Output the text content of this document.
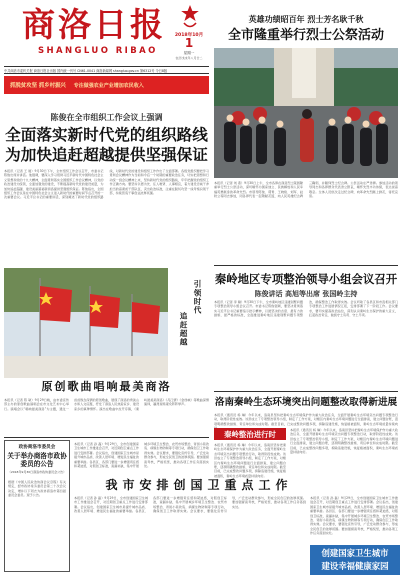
商洛日报
SHANGLUO RIBAO
2018年10月
1
星期一
农历戊戌年八月廿二
中共商洛市委机关报 商洛日报社出版 国内统一刊号 CN61-0041 商洛新闻网 shangluo.gov.cn 第6312号 今日8版
抓脱贫攻坚 抓乡村振兴 专注做强农业产业增加农民收入
陈俊在全市组织工作会议上强调
全面落实新时代党的组织路线
为加快追赶超越提供坚强保证
本报讯（记者 王 晨）9月30日下午，全市组织工作会议召开，市委书记陈俊出席并讲话。他强调，要深入学习贯彻习近平新时代中国特色社会主义思想和党的十九大精神，全面贯彻落实全国组织工作会议精神，以党的政治建设为统领，全面加强党的建设，不断提高新时代党的建设质量，为加快追赶超越、建设美丽富裕新商洛提供坚强组织保证。陈俊指出，全国组织工作会议是在中国特色社会主义进入新时代的重要时间节点召开的一次重要会议。习近平总书记的重要讲话，深刻阐述了新时代党的组织路线，对新时代党的建设和组织工作作出了全面部署。各级党组织要把学习贯彻会议精神作为当前和今后一个时期的重要政治任务，切实把思想和行动统一到会议精神上来，坚持新时代党的组织路线，牢牢把握党的组织工作正确方向。要坚持以德为先、任人唯贤、人事相宜，着力建设忠诚干净担当的高素质干部队伍，突出政治标准，注重在脱贫攻坚一线考察识别干部，持续营造干事创业浓厚氛围。
英雄功绩昭百年 烈士芳名耿千秋
全市隆重举行烈士公祭活动
本报讯（记者 刘 燕）9月30日上午，全市各界在商洛烈士陵园隆重举行烈士公祭活动，深切缅怀为国家独立、民族解放和人民幸福英勇献身的革命先烈。市领导陈俊、郭青、王晓艳、刘军、赵秋立等同志参加，同各界代表一起敬献花篮，向人民英雄纪念碑三鞠躬，并瞻仰烈士纪念碑。公祭活动庄严肃穆。参加活动的领导同志和各界群众代表肃立默哀，缅怀先烈丰功伟绩，表达崇高敬意。全体人员依次走过纪念碑，向革命先烈献上鲜花，寄托哀思。
秦岭地区专项整治领导小组会议召开
陈俊讲话 高旭等出席 张国岭主持
本报讯（记者 李 翰）9月30日下午，全市秦岭地区违建别墅问题专项整治领导小组会议召开。市委书记陈俊强调，要坚决贯彻落实习近平总书记重要指示批示精神，以最坚决的态度、最有力的措施、最严格的标准，全面推进秦岭地区违建别墅问题专项整治，确保整治工作取得实效。会议听取了各县区和市直相关部门专项整治工作进展情况汇报，安排部署了下一阶段工作。会议要求，要切实提高政治站位，深刻认识秦岭生态保护的重大意义，扛起政治责任，做到守土有责、守土尽责。
洛南秦岭生态环境突出问题整改取得新进展
本报讯（通讯员 杨 琳）今年以来，洛南县坚持把秦岭生态环境保护作为重大政治任务，全面开展秦岭生态环境突出问题专项整治行动，取得阶段性成效。该县成立了专项整治领导小组，制定了工作方案，对辖区内秦岭生态环境问题进行全面排查，建立问题台账，逐项明确整改措施、责任单位和完成时限。截至目前，已完成整改问题多项，拆除违建设施，恢复植被面积，秦岭生态环境质量持续向
秦岭整治进行时	本报讯（通讯员 杨 琳）今年以来，洛南县坚持把秦岭生态环境保护作为重大政治任务，全面开展秦岭生态环境突出问题专项整治行动，取得阶段性成效。该县成立了专项整治领导小组，制定了工作方案，对辖区内秦岭生态环境问题进行全面排查，建立问题台账，逐项明确整改措施、责任单位和完成时限。截至目前，已完成整改问题多项，拆除违建设施，恢复植被面积，秦岭生态环境质量持续向好。
本报讯（通讯员 杨 琳）今年以来，洛南县坚持把秦岭生态环境保护作为重大政治任务，全面开展秦岭生态环境突出问题专项整治行动，取得阶段性成效。该县成立了专项整治领导小组，制定了工作方案，对辖区内秦岭生态环境问题进行全面排查，建立问题台账，逐项明确整改措施、责任单位和完成时限。截至目前，已完成整改问题多项，拆除违建设施，恢复植被面积，秦岭生态环境质量持续向好。
引领时代
追赶超越
原创歌曲唱响最美商洛
本报讯（记者 陈 敏）9月29日晚，由市委宣传部主办的原创歌曲演唱会在市文化艺术中心举行。演唱会以“唱响最美商洛”为主题，通过一首首饱含深情的原创歌曲，展现了商洛的秀美山水和人文底蕴，抒发了商洛人民热爱家乡、建设家乡的真挚情怀。演出在歌曲中拉开序幕，《秦岭最美是商洛》《丹江情》《金丝峡》等歌曲深情演绎，赢得现场观众阵阵掌声。
政协商洛市委员会
关于举办商洛市政协委员的公告
（2018年9月30日商洛市政协委员会公告）
根据《中国人民政治协商会议章程》有关规定，经市政协常务委员会第二十次会议决定，增补以下同志为政协商洛市第四届委员会委员。现予公告。
我市安排创国卫重点工作
本报讯（记者 孙 磊）9月29日，全市创建国家卫生城市工作推进会召开，对近期创卫重点工作进行安排部署。会议指出，创建国家卫生城市是提升城市品质、改善人居环境、增进民生福祉的重要举措。各县区、各部门要进一步增强责任感和紧迫感，对照创卫标准，查漏补缺，集中开展城乡环境卫生整治、农贸市场整治、背街小巷改造、病媒生物防制等专项行动，确保创卫工作取得实效。会议要求，要强化宣传引导，广泛发动群众参与，形成全民创卫的浓厚氛围。要加强督查考核，严格奖惩，推动各项工作任务落到实处。
本报讯（记者 孙 磊）9月29日，全市创建国家卫生城市工作推进会召开，对近期创卫重点工作进行安排部署。会议指出，创建国家卫生城市是提升城市品质、改善人居环境、增进民生福祉的重要举措。各县区、各部门要进一步增强责任感和紧迫感，对照创卫标准，查漏补缺，集中开展城乡环境卫生整治、农贸市场整治、背街小巷改造、病媒生物防制等专项行动，确保创卫工作取得实效。会议要求，要强化宣传引导，广泛发动群众参与，形成全民创卫的浓厚氛围。要加强督查考核，严格奖惩，推动各项工作任务落到实处。
创建国家卫生城市
建设幸福健康家园
本报讯（记者 孙 磊）9月29日，全市创建国家卫生城市工作推进会召开，对近期创卫重点工作进行安排部署。会议指出，创建国家卫生城市是提升城市品质、改善人居环境、增进民生福祉的重要举措。各县区、各部门要进一步增强责任感和紧迫感，对照创卫标准，查漏补缺，集中开展城乡环境卫生整治、农贸市场整治、背街小巷改造、病媒生物防制等专项行动，确保创卫工作取得实效。会议要求，要强化宣传引导，广泛发动群众参与，形成全民创卫的浓厚氛围。要加强督查考核，严格奖惩，推动各项工作任务落到实处。
